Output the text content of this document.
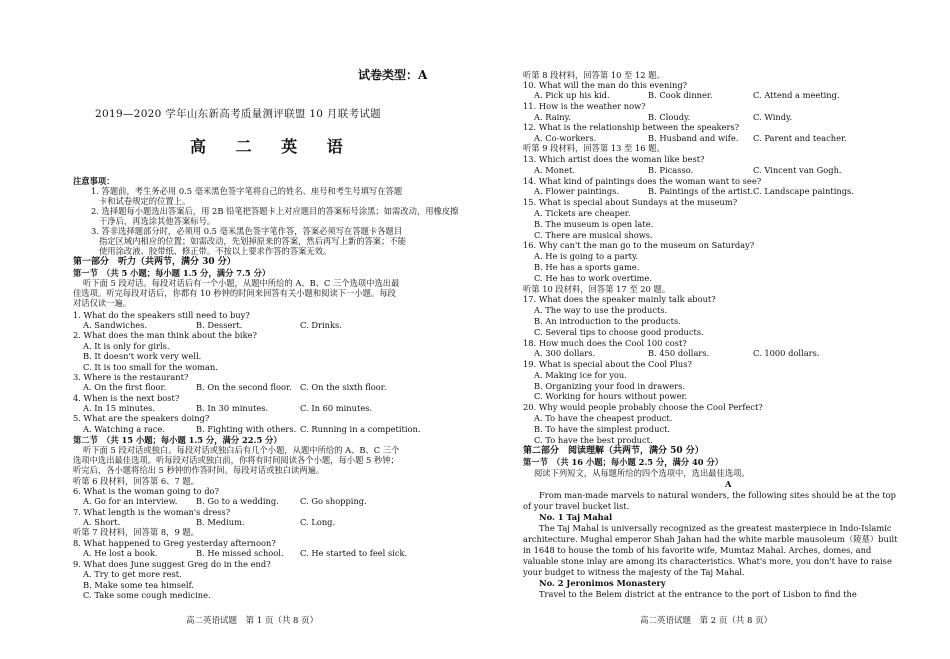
试卷类型：A
2019—2020 学年山东新高考质量测评联盟 10 月联考试题
高 二 英 语
注意事项：
1. 答题前，考生务必用 0.5 毫米黑色签字笔将自己的姓名、座号和考生号填写在答题
卡和试卷规定的位置上。
2. 选择题每小题选出答案后，用 2B 铅笔把答题卡上对应题目的答案标号涂黑；如需改动，用橡皮擦
干净后，再选涂其他答案标号。
3. 答非选择题部分时，必须用 0.5 毫米黑色签字笔作答，答案必须写在答题卡各题目
指定区域内相应的位置；如需改动，先划掉原来的答案，然后再写上新的答案；不能
使用涂改液、胶带纸、修正带。不按以上要求作答的答案无效。
第一部分　听力（共两节，满分 30 分）
第一节　（共 5 小题；每小题 1.5 分，满分 7.5 分）
听下面 5 段对话。每段对话后有一个小题，从题中所给的 A、B、C 三个选项中选出最
佳选项。听完每段对话后，你都有 10 秒钟的时间来回答有关小题和阅读下一小题。每段
对话仅读一遍。
1. What do the speakers still need to buy?
A. Sandwiches.	B. Dessert.	C. Drinks.
2. What does the man think about the bike?
A. It is only for girls.
B. It doesn't work very well.
C. It is too small for the woman.
3. Where is the restaurant?
A. On the first floor.	B. On the second floor. C. On the sixth floor.
4. When is the next bost?
A. In 15 minutes.	B. In 30 minutes.	C. In 60 minutes.
5. What are the speakers doing?
A. Watching a race.	B. Fighting with others. C. Running in a competition.
第二节　（共 15 小题；每小题 1.5 分，满分 22.5 分）
听下面 5 段对话或独白。每段对话或独白后有几个小题，从题中所给的 A、B、C 三个
选项中选出最佳选项。听每段对话或独白前，你将有时间阅读各个小题，每小题 5 秒钟；
听完后，各小题将给出 5 秒钟的作答时间。每段对话或独白读两遍。
听第 6 段材料，回答第 6、7 题。
6. What is the woman going to do?
A. Go for an interview. B. Go to a wedding.	C. Go shopping.
7. What length is the woman's dress?
A. Short.	B. Medium.	C. Long.
听第 7 段材料，回答第 8，9 题。
8. What happened to Greg yesterday afternoon?
A. He lost a book.	B. He missed school. C. He started to feel sick.
9. What does June suggest Greg do in the end?
A. Try to get more rest.
B. Make some tea himself.
C. Take some cough medicine.
高二英语试题　第 1 页（共 8 页）
听第 8 段材料，回答第 10 至 12 题。
10. What will the man do this evening?
A. Pick up his kid.	B. Cook dinner.	C. Attend a meeting.
11. How is the weather now?
A. Rainy.	B. Cloudy.	C. Windy.
12. What is the relationship between the speakers?
A. Co-workers.	B. Husband and wife. C. Parent and teacher.
听第 9 段材料，回答第 13 至 16 题。
13. Which artist does the woman like best?
A. Monet.	B. Picasso.	C. Vincent van Gogh.
14. What kind of paintings does the woman want to see?
A. Flower paintings.	B. Paintings of the artist. C. Landscape paintings.
15. What is special about Sundays at the museum?
A. Tickets are cheaper.
B. The museum is open late.
C. There are musical shows.
16. Why can't the man go to the museum on Saturday?
A. He is going to a party.
B. He has a sports game.
C. He has to work overtime.
听第 10 段材料，回答第 17 至 20 题。
17. What does the speaker mainly talk about?
A. The way to use the products.
B. An introduction to the products.
C. Several tips to choose good products.
18. How much does the Cool 100 cost?
A. 300 dollars.	B. 450 dollars.	C. 1000 dollars.
19. What is special about the Cool Plus?
A. Making ice for you.
B. Organizing your food in drawers.
C. Working for hours without power.
20. Why would people probably choose the Cool Perfect?
A. To have the cheapest product.
B. To have the simplest product.
C. To have the best product.
第二部分　阅读理解（共两节，满分 50 分）
第一节　（共 16 小题；每小题 2.5 分，满分 40 分）
阅读下列短文，从每题所给的四个选项中，选出最佳选项。
A
From man-made marvels to natural wonders, the following sites should be at the top
of your travel bucket list.
No. 1 Taj Mahal
The Taj Mahal is universally recognized as the greatest masterpiece in Indo-Islamic
architecture. Mughal emperor Shah Jahan had the white marble mausoleum（陵墓）built
in 1648 to house the tomb of his favorite wife, Mumtaz Mahal. Arches, domes, and
valuable stone inlay are among its characteristics. What's more, you don't have to raise
your budget to witness the majesty of the Taj Mahal.
No. 2 Jeronimos Monastery
Travel to the Belem district at the entrance to the port of Lisbon to find the
高二英语试题　第 2 页（共 8 页）
